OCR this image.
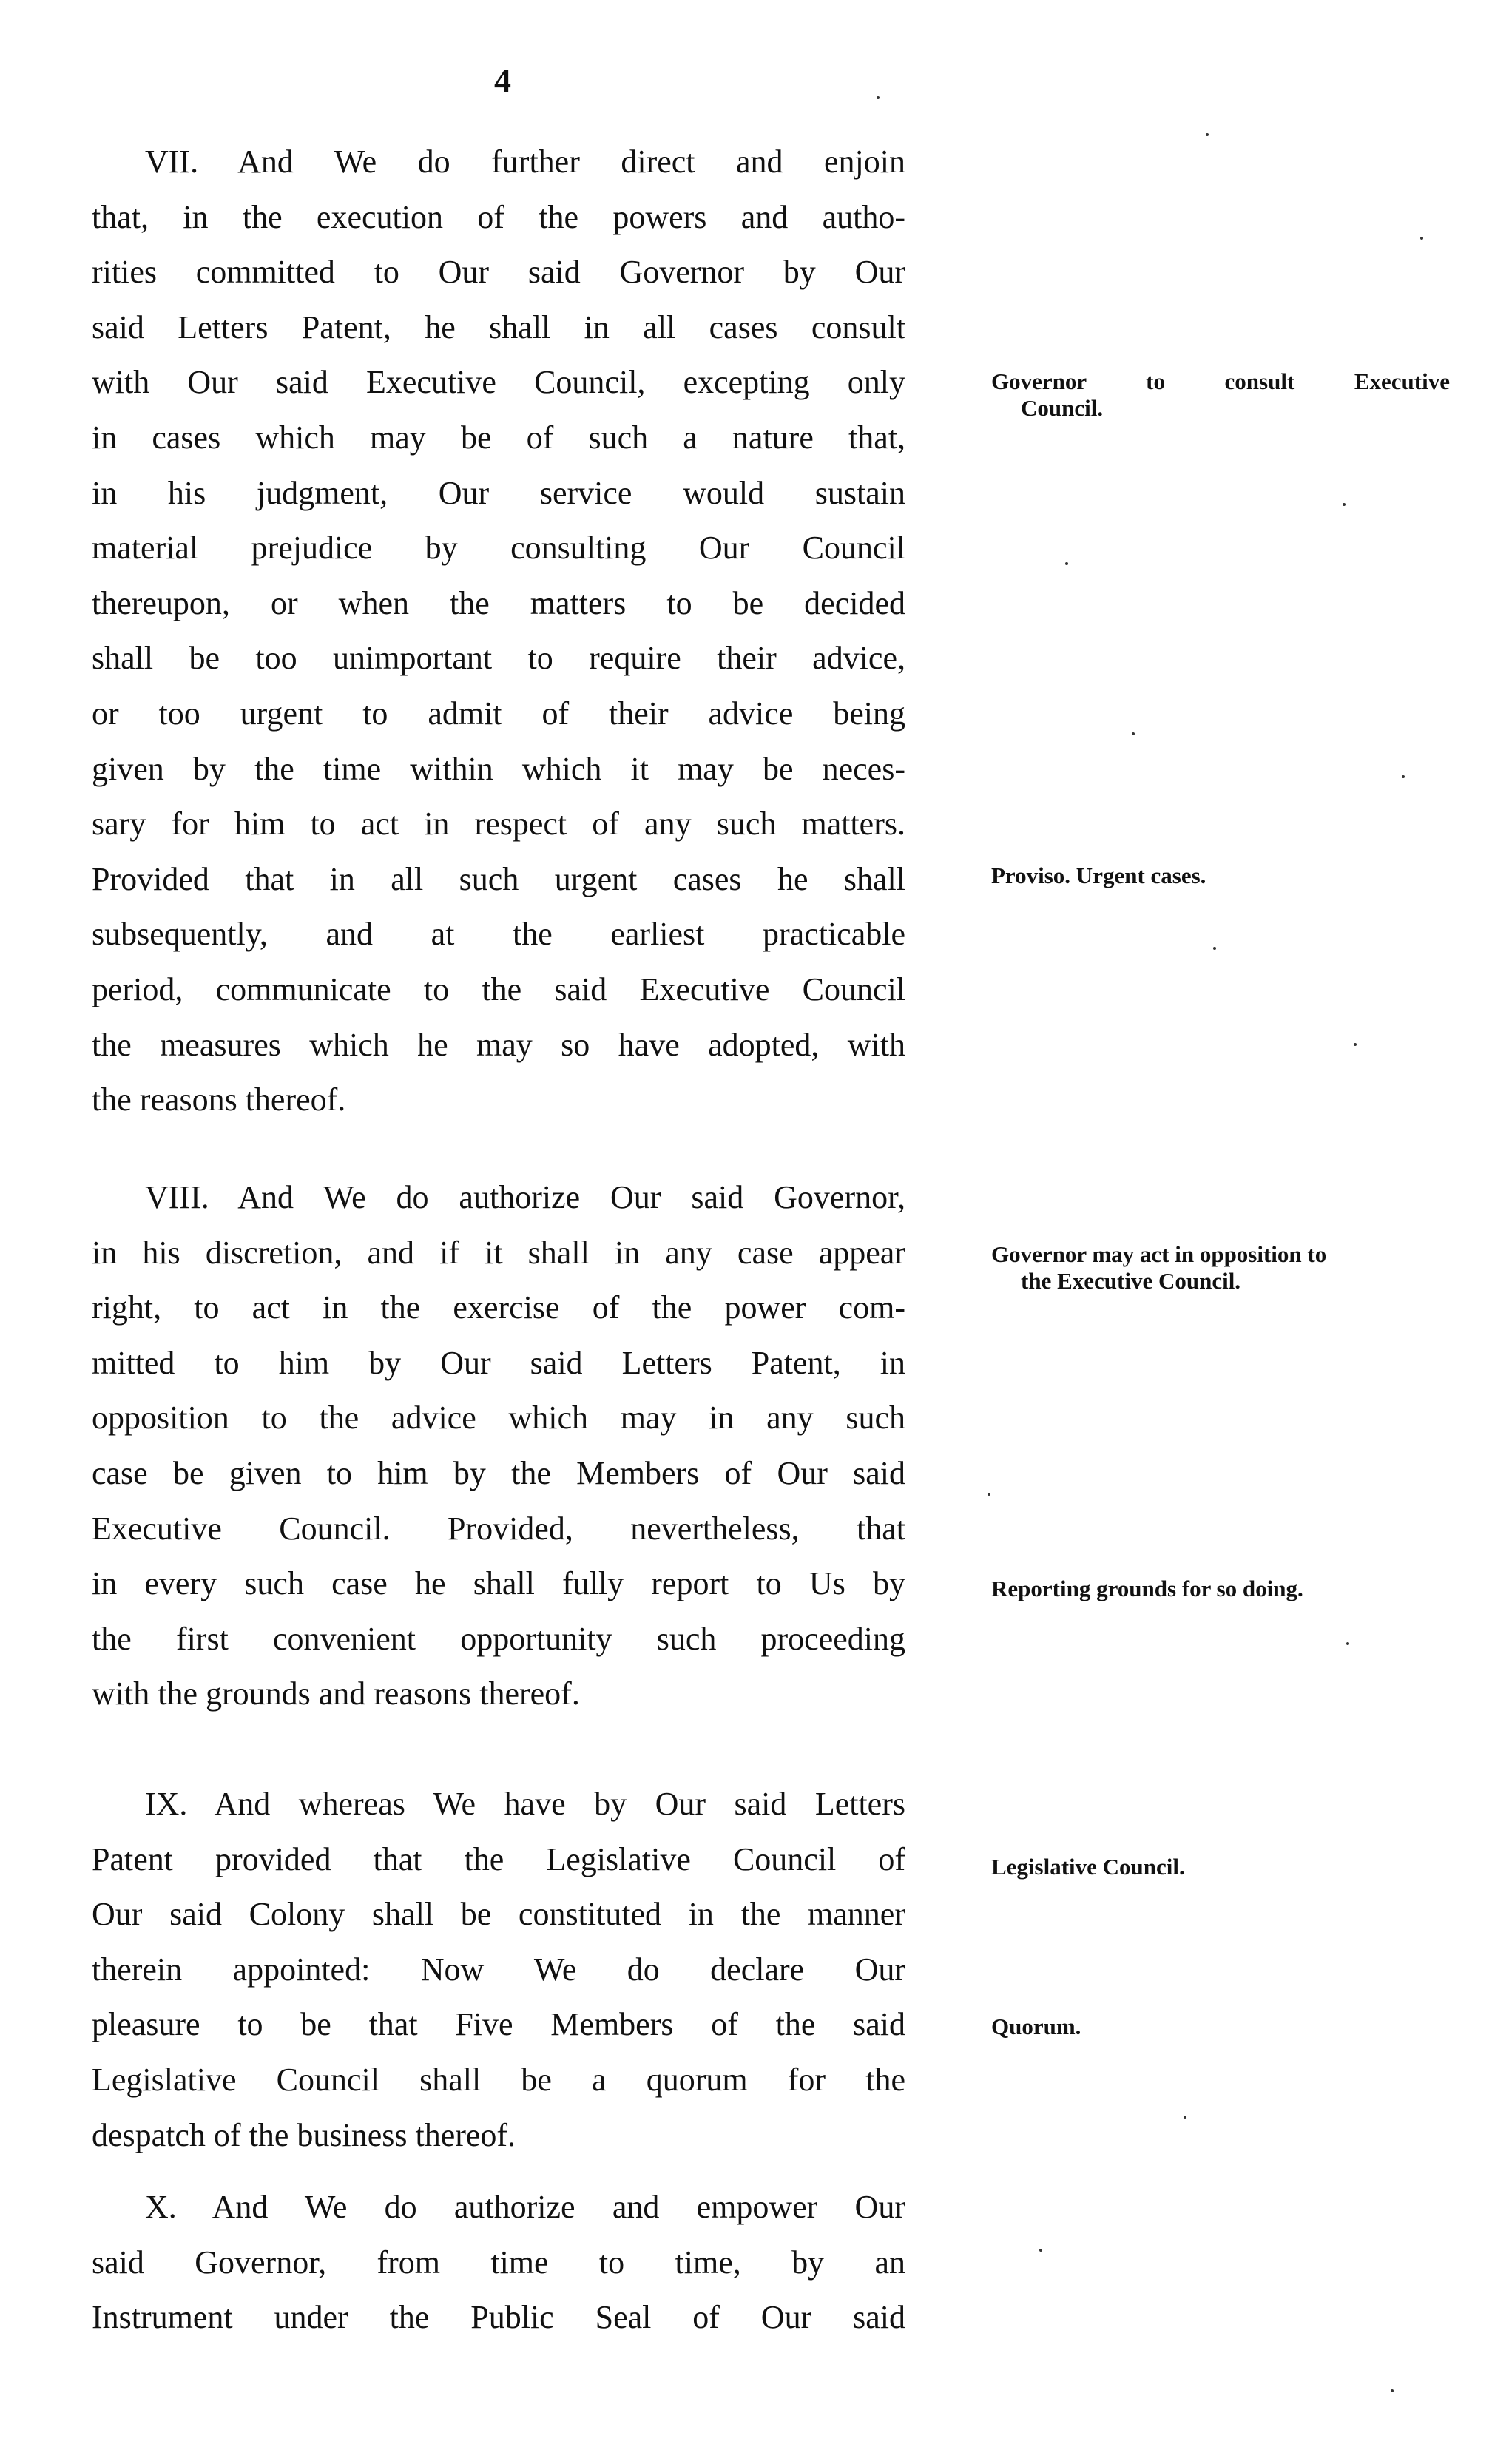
4
VII. And We do further direct and enjoin
that, in the execution of the powers and autho-
rities committed to Our said Governor by Our
said Letters Patent, he shall in all cases consult
with Our said Executive Council, excepting only
in cases which may be of such a nature that,
in his judgment, Our service would sustain
material prejudice by consulting Our Council
thereupon, or when the matters to be decided
shall be too unimportant to require their advice,
or too urgent to admit of their advice being
given by the time within which it may be neces-
sary for him to act in respect of any such matters.
Provided that in all such urgent cases he shall
subsequently, and at the earliest practicable
period, communicate to the said Executive Council
the measures which he may so have adopted, with
the reasons thereof.
VIII. And We do authorize Our said Governor,
in his discretion, and if it shall in any case appear
right, to act in the exercise of the power com-
mitted to him by Our said Letters Patent, in
opposition to the advice which may in any such
case be given to him by the Members of Our said
Executive Council. Provided, nevertheless, that
in every such case he shall fully report to Us by
the first convenient opportunity such proceeding
with the grounds and reasons thereof.
IX. And whereas We have by Our said Letters
Patent provided that the Legislative Council of
Our said Colony shall be constituted in the manner
therein appointed: Now We do declare Our
pleasure to be that Five Members of the said
Legislative Council shall be a quorum for the
despatch of the business thereof.
X. And We do authorize and empower Our
said Governor, from time to time, by an
Instrument under the Public Seal of Our said
Governor to consult Executive
Council.
Proviso. Urgent cases.
Governor may act in opposition to
the Executive Council.
Reporting grounds for so doing.
Legislative Council.
Quorum.
